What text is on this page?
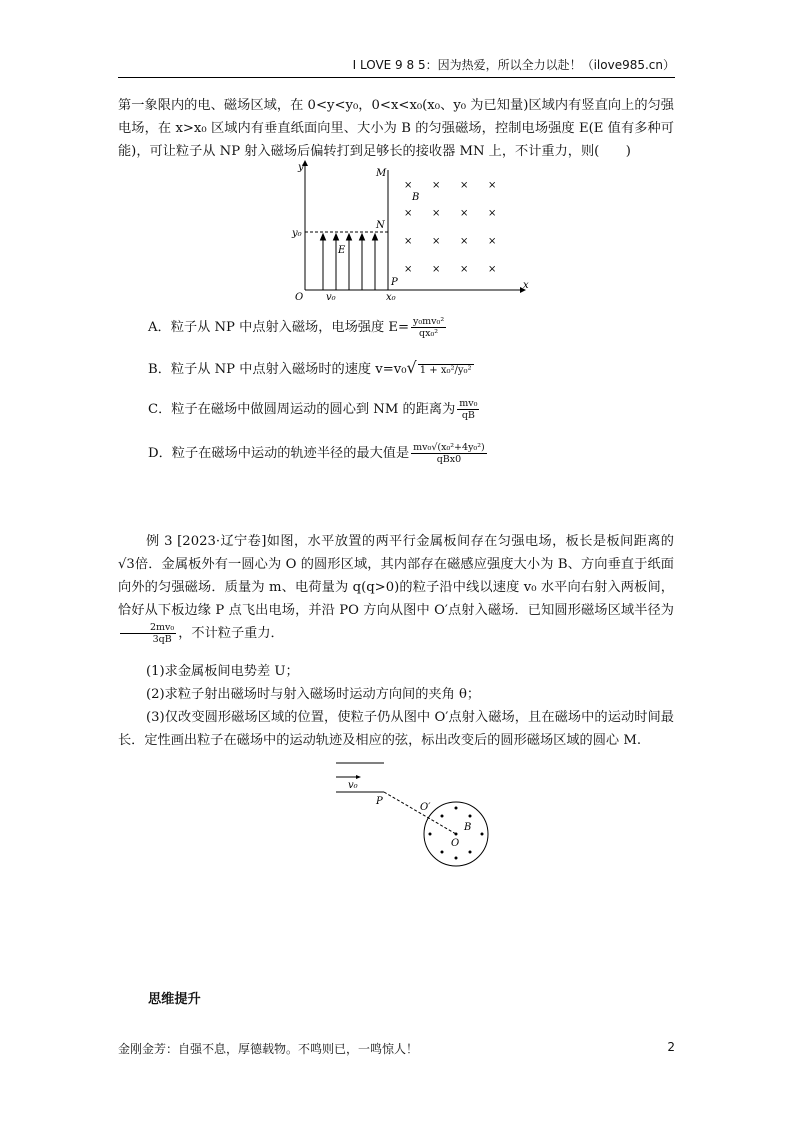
I LOVE 9 8 5：因为热爱，所以全力以赴！（ilove985.cn）
第一象限内的电、磁场区域，在 0<y<y₀，0<x<x₀(x₀、y₀ 为已知量)区域内有竖直向上的匀强电场，在 x>x₀ 区域内有垂直纸面向里、大小为 B 的匀强磁场，控制电场强度 E(E 值有多种可能)，可让粒子从 NP 射入磁场后偏转打到足够长的接收器 MN 上，不计重力，则(　　)
× × × ×
× × × ×
× × × ×
× × × ×
y
x
O
M
N
P
B
E
y₀
x₀
v₀
A．粒子从 NP 中点射入磁场，电场强度 $E= \frac{\text{y₀mv₀²}}{\text{qx₀²}}$
B．粒子从 NP 中点射入磁场时的速度 v=v₀√ 1 + x₀²/y₀²
C．粒子在磁场中做圆周运动的圆心到 NM 的距离为 $\frac{\text{mv₀}}{qB}$
D．粒子在磁场中运动的轨迹半径的最大值是 $\frac{\text{mv₀√(x₀²+4y₀²)}}{\text{qBx0}}$
例 3 [2023·辽宁卷]如图，水平放置的两平行金属板间存在匀强电场，板长是板间距离的√3倍．金属板外有一圆心为 O 的圆形区域，其内部存在磁感应强度大小为 B、方向垂直于纸面向外的匀强磁场．质量为 m、电荷量为 q(q>0)的粒子沿中线以速度 v₀ 水平向右射入两板间，恰好从下板边缘 P 点飞出电场，并沿 PO 方向从图中 O′点射入磁场．已知圆形磁场区域半径为
$\frac{\text{2mv₀}}{3qB}$ ，不计粒子重力．
(1)求金属板间电势差 U；
(2)求粒子射出磁场时与射入磁场时运动方向间的夹角 θ；
(3)仅改变圆形磁场区域的位置，使粒子仍从图中 O′点射入磁场，且在磁场中的运动时间最长．定性画出粒子在磁场中的运动轨迹及相应的弦，标出改变后的圆形磁场区域的圆心 M.
v₀
P
O′
O
B
思维提升
金刚金芳：自强不息，厚德载物。不鸣则已，一鸣惊人！	2
